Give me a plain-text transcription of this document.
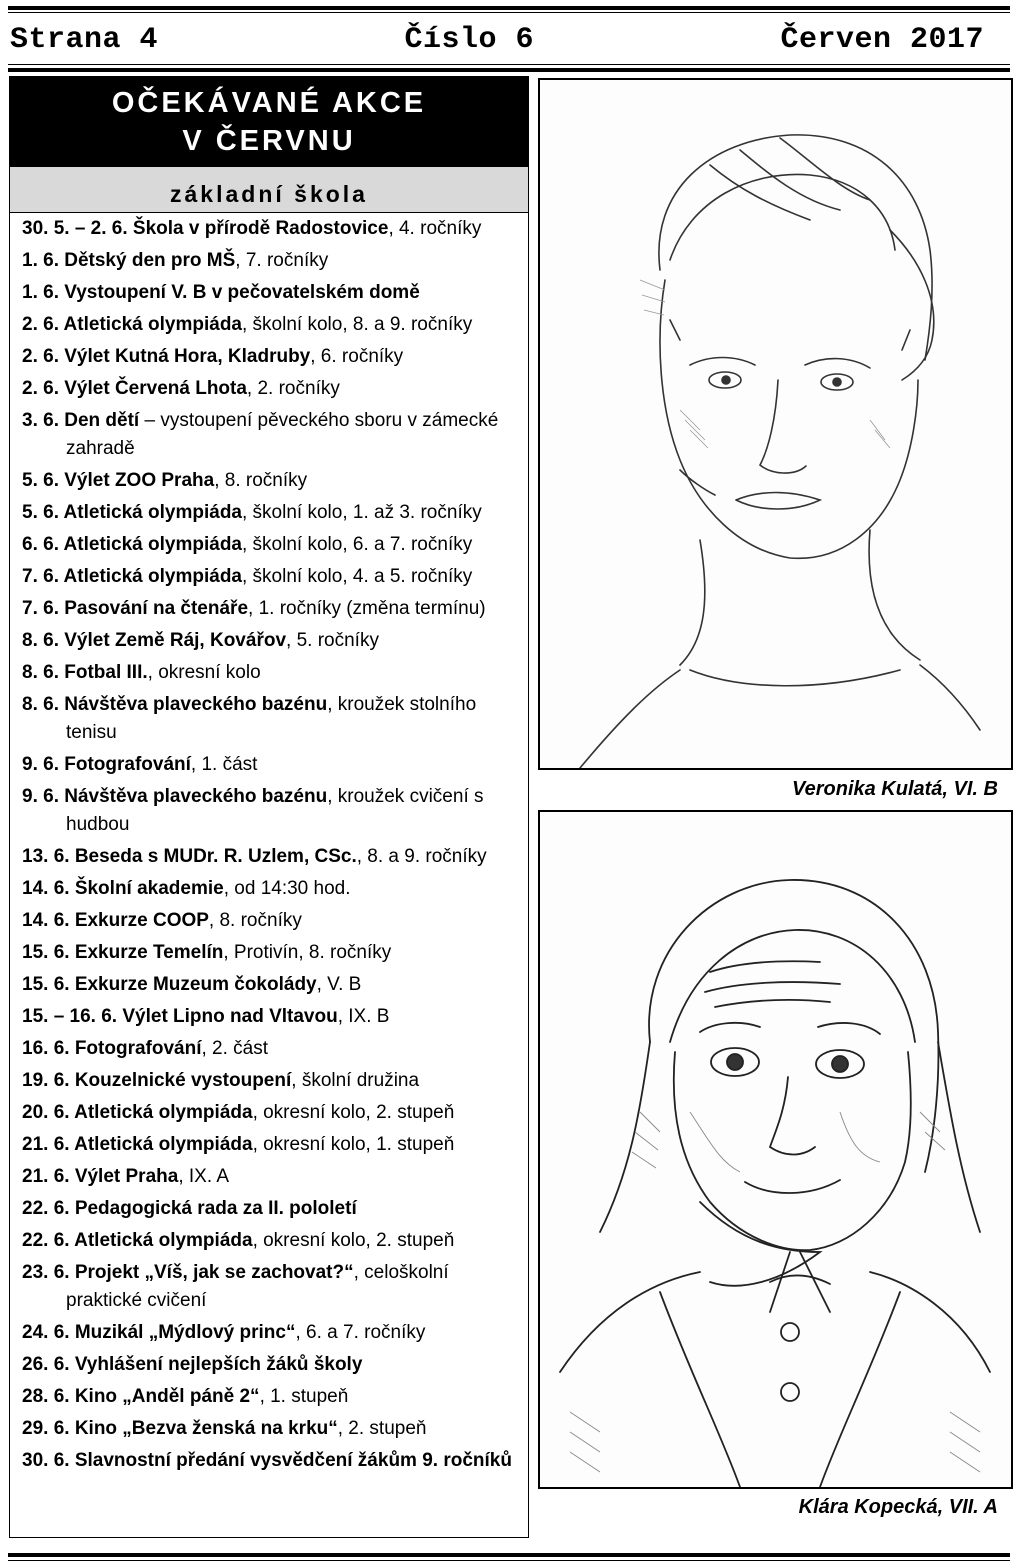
Strana 4	Číslo 6	Červen 2017
OČEKÁVANÉ AKCE
V ČERVNU
základní škola
30. 5. – 2. 6. Škola v přírodě Radostovice, 4. ročníky
1. 6. Dětský den pro MŠ, 7. ročníky
1. 6. Vystoupení V. B v pečovatelském domě
2. 6. Atletická olympiáda, školní kolo, 8. a 9. ročníky
2. 6. Výlet Kutná Hora, Kladruby, 6. ročníky
2. 6. Výlet Červená Lhota, 2. ročníky
3. 6. Den dětí – vystoupení pěveckého sboru v zámecké zahradě
5. 6. Výlet ZOO Praha, 8. ročníky
5. 6. Atletická olympiáda, školní kolo, 1. až 3. ročníky
6. 6. Atletická olympiáda, školní kolo, 6. a 7. ročníky
7. 6. Atletická olympiáda, školní kolo, 4. a 5. ročníky
7. 6. Pasování na čtenáře, 1. ročníky (změna termínu)
8. 6. Výlet Země Ráj, Kovářov, 5. ročníky
8. 6. Fotbal III., okresní kolo
8. 6. Návštěva plaveckého bazénu, kroužek stolního tenisu
9. 6. Fotografování, 1. část
9. 6. Návštěva plaveckého bazénu, kroužek cvičení s hudbou
13. 6. Beseda s MUDr. R. Uzlem, CSc., 8. a 9. ročníky
14. 6. Školní akademie, od 14:30 hod.
14. 6. Exkurze COOP, 8. ročníky
15. 6. Exkurze Temelín, Protivín, 8. ročníky
15. 6. Exkurze Muzeum čokolády, V. B
15. – 16. 6. Výlet Lipno nad Vltavou, IX. B
16. 6. Fotografování, 2. část
19. 6. Kouzelnické vystoupení, školní družina
20. 6. Atletická olympiáda, okresní kolo, 2. stupeň
21. 6. Atletická olympiáda, okresní kolo, 1. stupeň
21. 6. Výlet Praha, IX. A
22. 6. Pedagogická rada za II. pololetí
22. 6. Atletická olympiáda, okresní kolo, 2. stupeň
23. 6. Projekt „Víš, jak se zachovat?“, celoškolní praktické cvičení
24. 6. Muzikál „Mýdlový princ“, 6. a 7. ročníky
26. 6. Vyhlášení nejlepších žáků školy
28. 6. Kino „Anděl páně 2“, 1. stupeň
29. 6. Kino „Bezva ženská na krku“, 2. stupeň
30. 6. Slavnostní předání vysvědčení žákům 9. ročníků
Veronika Kulatá, VI. B
Klára Kopecká, VII. A
